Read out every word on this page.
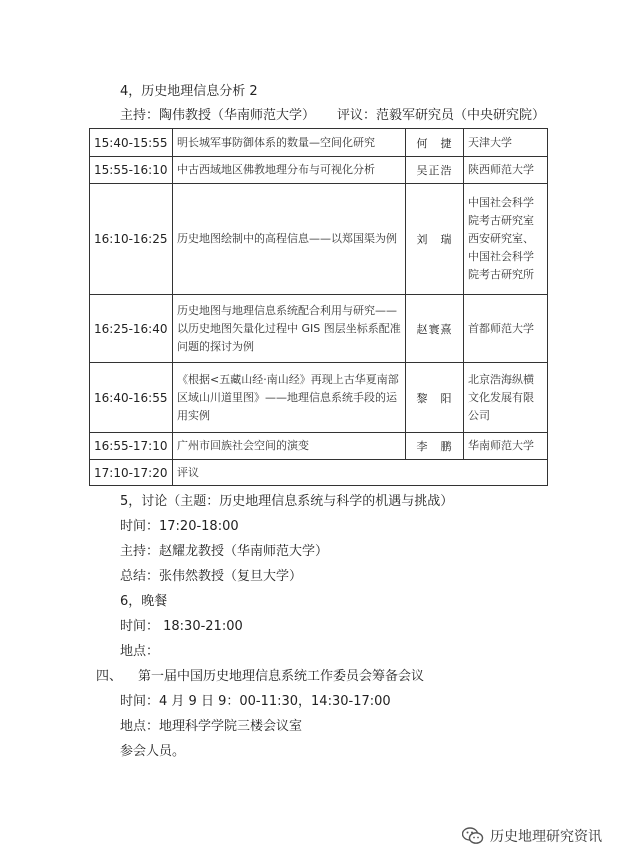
4，历史地理信息分析 2
主持：陶伟教授（华南师范大学） 评议：范毅军研究员（中央研究院）
15:40-15:55	明长城军事防御体系的数量—空间化研究	何　捷	天津大学
15:55-16:10	中古西域地区佛教地理分布与可视化分析	吴正浩	陕西师范大学
16:10-16:25	历史地图绘制中的高程信息——以郑国渠为例	刘　瑞	中国社会科学院考古研究室西安研究室、中国社会科学院考古研究所
16:25-16:40	历史地图与地理信息系统配合利用与研究——以历史地图矢量化过程中 GIS 图层坐标系配准问题的探讨为例	赵寰熹	首都师范大学
16:40-16:55	《根据<五藏山经·南山经》再现上古华夏南部区域山川道里图》——地理信息系统手段的运用实例	黎　阳	北京浩海纵横文化发展有限公司
16:55-17:10	广州市回族社会空间的演变	李　鹏	华南师范大学
17:10-17:20	评议		
5，讨论（主题：历史地理信息系统与科学的机遇与挑战）
时间：17:20-18:00
主持：赵耀龙教授（华南师范大学）
总结：张伟然教授（复旦大学）
6，晚餐
时间： 18:30-21:00
地点：
四、 第一届中国历史地理信息系统工作委员会筹备会议
时间：4 月 9 日 9：00-11:30，14:30-17:00
地点：地理科学学院三楼会议室
参会人员。
历史地理研究资讯
